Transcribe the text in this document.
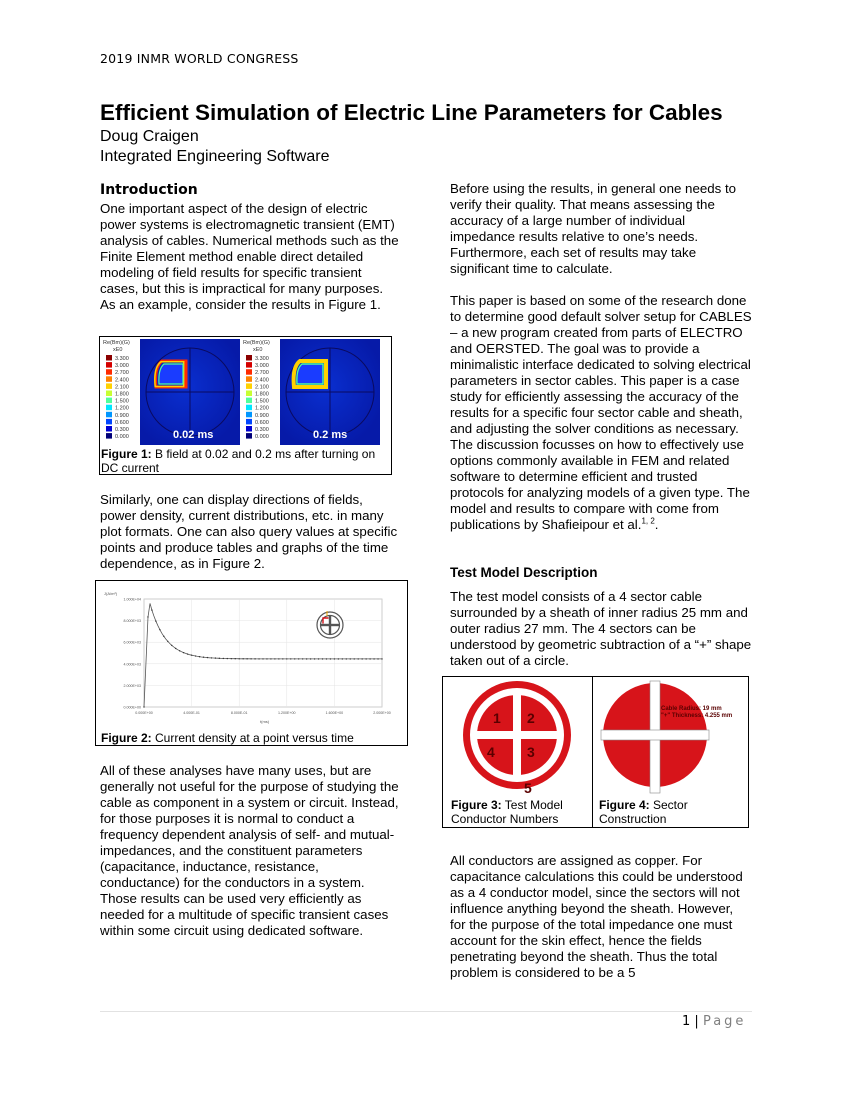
2019 INMR WORLD CONGRESS
Efficient Simulation of Electric Line Parameters for Cables
Doug Craigen
Integrated Engineering Software
Introduction

One important aspect of the design of electric power systems is electromagnetic transient (EMT) analysis of cables. Numerical methods such as the Finite Element method enable direct detailed modeling of field results for specific transient cases, but this is impractical for many purposes. As an example, consider the results in Figure 1.

Re(Bm)(G)
xE0
3.300
3.000
2.700
2.400
2.100
1.800
1.500
1.200
0.900
0.600
0.300
0.000
Re(Bm)(G)
xE0
3.300
3.000
2.700
2.400
2.100
1.800
1.500
1.200
0.900
0.600
0.300
0.000
0.02 ms	0.2 ms
Figure 1: B field at 0.02 and 0.2 ms after turning on DC current

Similarly, one can display directions of fields, power density, current distributions, etc. in many plot formats. One can also query values at specific points and produce tables and graphs of the time dependence, as in Figure 2.

J(A/m²)
1.000E+04
8.000E+03
6.000E+03
4.000E+03
2.000E+03
0.000E+00
0.000E+00	4.000E-01	8.000E-01	1.200E+00	1.600E+00	2.000E+00
t(ms)
Figure 2: Current density at a point versus time

All of these analyses have many uses, but are generally not useful for the purpose of studying the cable as component in a system or circuit. Instead, for those purposes it is normal to conduct a frequency dependent analysis of self- and mutual-impedances, and the constituent parameters (capacitance, inductance, resistance, conductance) for the conductors in a system. Those results can be used very efficiently as needed for a multitude of specific transient cases within some circuit using dedicated software.

Before using the results, in general one needs to verify their quality. That means assessing the accuracy of a large number of individual impedance results relative to one’s needs. Furthermore, each set of results may take significant time to calculate.

This paper is based on some of the research done to determine good default solver setup for CABLES – a new program created from parts of ELECTRO and OERSTED. The goal was to provide a minimalistic interface dedicated to solving electrical parameters in sector cables. This paper is a case study for efficiently assessing the accuracy of the results for a specific four sector cable and sheath, and adjusting the solver conditions as necessary. The discussion focusses on how to effectively use options commonly available in FEM and related software to determine efficient and trusted protocols for analyzing models of a given type. The model and results to compare with come from publications by Shafieipour et al.$^{1, 2}$.

Test Model Description

The test model consists of a 4 sector cable surrounded by a sheath of inner radius 25 mm and outer radius 27 mm. The 4 sectors can be understood by geometric subtraction of a “+” shape taken out of a circle.

1 2
4 3
5
Figure 3: Test Model Conductor Numbers
Cable Radius: 19 mm
"+" Thickness: 4.255 mm
Figure 4: Sector Construction

All conductors are assigned as copper. For capacitance calculations this could be understood as a 4 conductor model, since the sectors will not influence anything beyond the sheath. However, for the purpose of the total impedance one must account for the skin effect, hence the fields penetrating beyond the sheath. Thus the total problem is considered to be a 5

1 | Page
